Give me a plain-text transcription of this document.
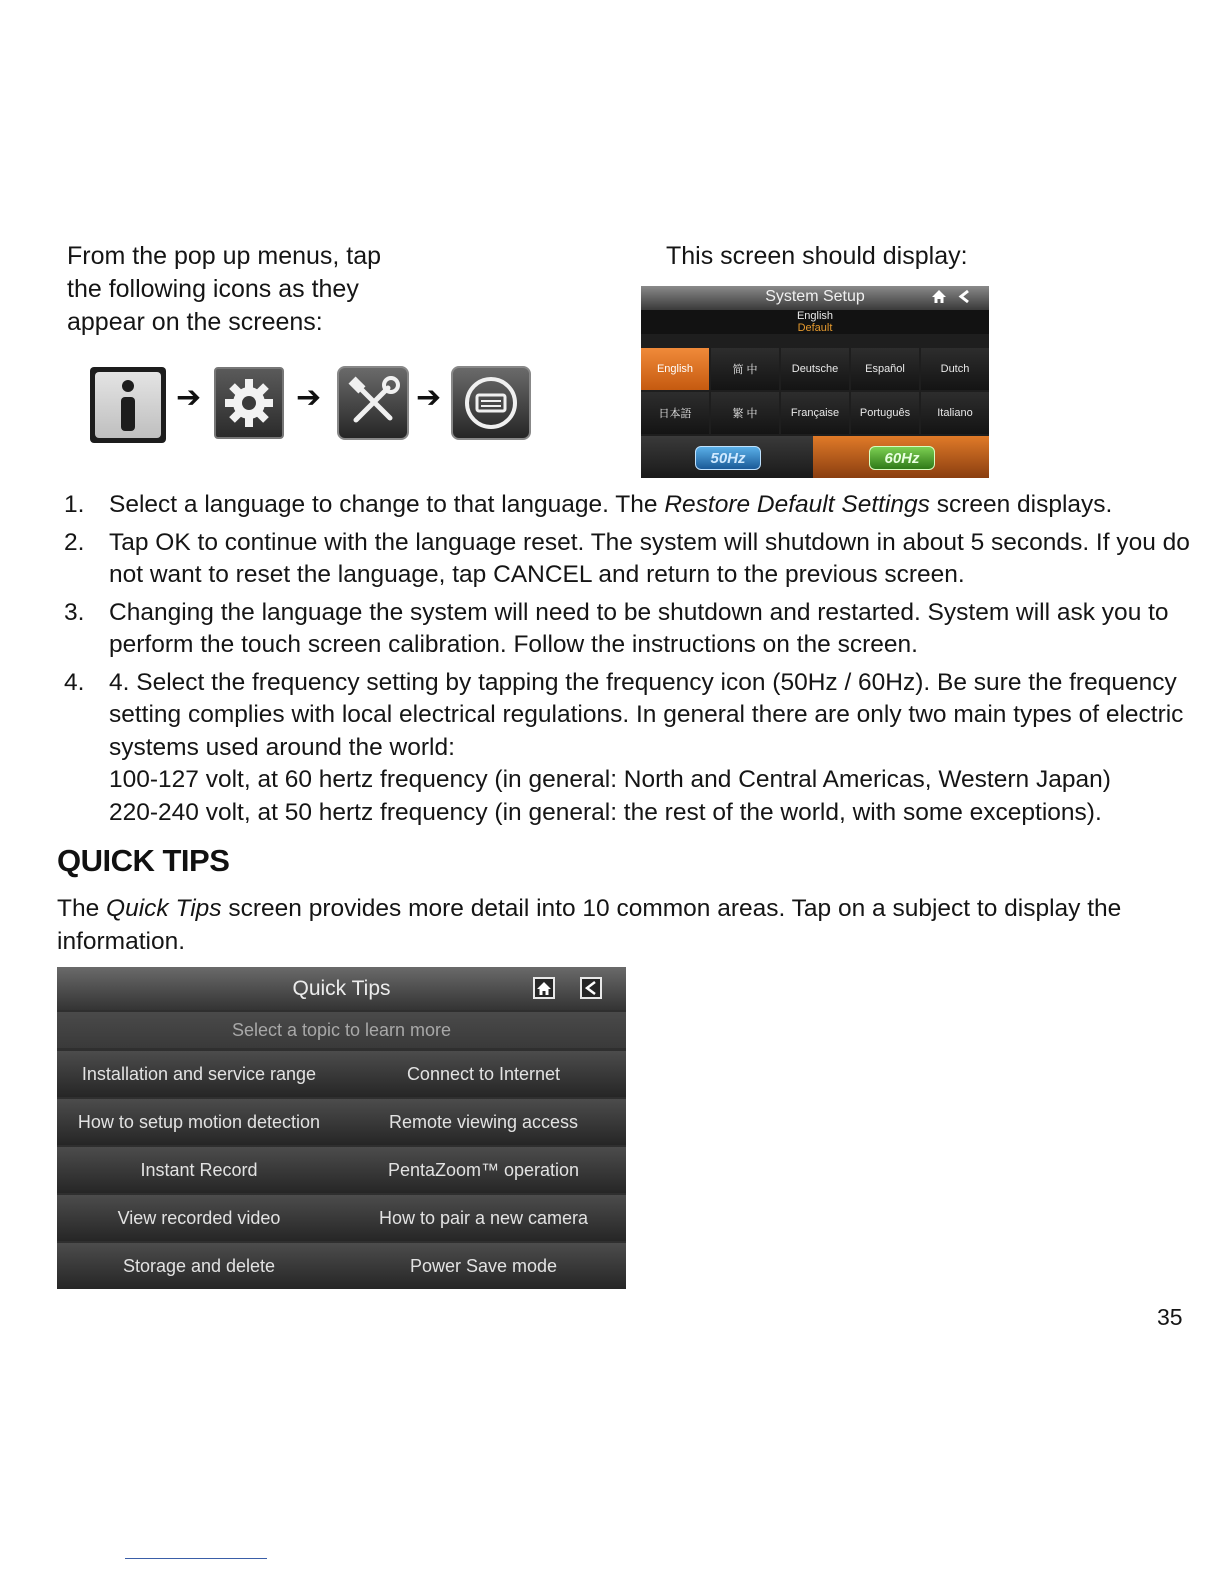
From the pop up menus, tap
the following icons as they
appear on the screens:
This screen should display:
➔	➔	➔
System Setup
English
Default
English	简 中	Deutsche	Español	Dutch
日本語	繁 中	Française	Português	Italiano
50Hz	60Hz
1. Select a language to change to that language. The Restore Default Settings screen displays.
2. Tap OK to continue with the language reset. The system will shutdown in about 5 seconds. If you do not want to reset the language, tap CANCEL and return to the previous screen.
3. Changing the language the system will need to be shutdown and restarted. System will ask you to perform the touch screen calibration. Follow the instructions on the screen.
4. 4. Select the frequency setting by tapping the frequency icon (50Hz / 60Hz). Be sure the frequency setting complies with local electrical regulations. In general there are only two main types of electric systems used around the world:
100-127 volt, at 60 hertz frequency (in general: North and Central Americas, Western Japan)
220-240 volt, at 50 hertz frequency (in general: the rest of the world, with some exceptions).
QUICK TIPS
The Quick Tips screen provides more detail into 10 common areas. Tap on a subject to display the information.
Quick Tips
Select a topic to learn more
Installation and service range	Connect to Internet
How to setup motion detection	Remote viewing access
Instant Record	PentaZoom™ operation
View recorded video	How to pair a new camera
Storage and delete	Power Save mode
35
